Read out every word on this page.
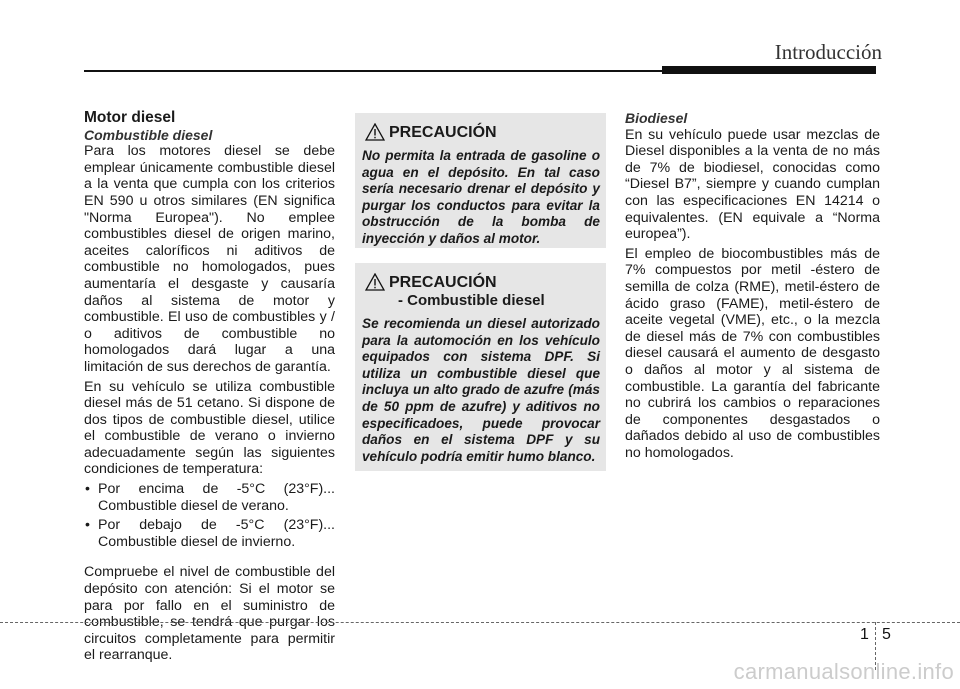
Introducción

Motor diesel

Combustible diesel

Para los motores diesel se debe emplear únicamente combustible diesel a la venta que cumpla con los criterios EN 590 u otros similares (EN significa "Norma Europea"). No emplee combustibles diesel de origen marino, aceites caloríficos ni aditivos de combustible no homologados, pues aumentaría el desgaste y causaría daños al sistema de motor y combustible. El uso de combustibles y / o aditivos de combustible no homologados dará lugar a una limitación de sus derechos de garantía.

En su vehículo se utiliza combustible diesel más de 51 cetano. Si dispone de dos tipos de combustible diesel, utilice el combustible de verano o invierno adecuadamente según las siguientes condiciones de temperatura:

• Por encima de -5°C (23°F)... Combustible diesel de verano.

• Por debajo de -5°C (23°F)... Combustible diesel de invierno.

Compruebe el nivel de combustible del depósito con atención: Si el motor se para por fallo en el suministro de combustible, se tendrá que purgar los circuitos completamente para permitir el rearranque.

PRECAUCIÓN
No permita la entrada de gasoline o agua en el depósito. En tal caso sería necesario drenar el depósito y purgar los conductos para evitar la obstrucción de la bomba de inyección y daños al motor.
PRECAUCIÓN
- Combustible diesel
Se recomienda un diesel autorizado para la automoción en los vehículo equipados con sistema DPF. Si utiliza un combustible diesel que incluya un alto grado de azufre (más de 50 ppm de azufre) y aditivos no especificadoes, puede provocar daños en el sistema DPF y su vehículo podría emitir humo blanco.

Biodiesel

En su vehículo puede usar mezclas de Diesel disponibles a la venta de no más de 7% de biodiesel, conocidas como “Diesel B7”, siempre y cuando cumplan con las especificaciones EN 14214 o equivalentes. (EN equivale a “Norma europea”).

El empleo de biocombustibles más de 7% compuestos por metil -éstero de semilla de colza (RME), metil-éstero de ácido graso (FAME), metil-éstero de aceite vegetal (VME), etc., o la mezcla de diesel más de 7% con combustibles diesel causará el aumento de desgasto o daños al motor y al sistema de combustible. La garantía del fabricante no cubrirá los cambios o reparaciones de componentes desgastados o dañados debido al uso de combustibles no homologados.

1 5
carmanualsonline.info
